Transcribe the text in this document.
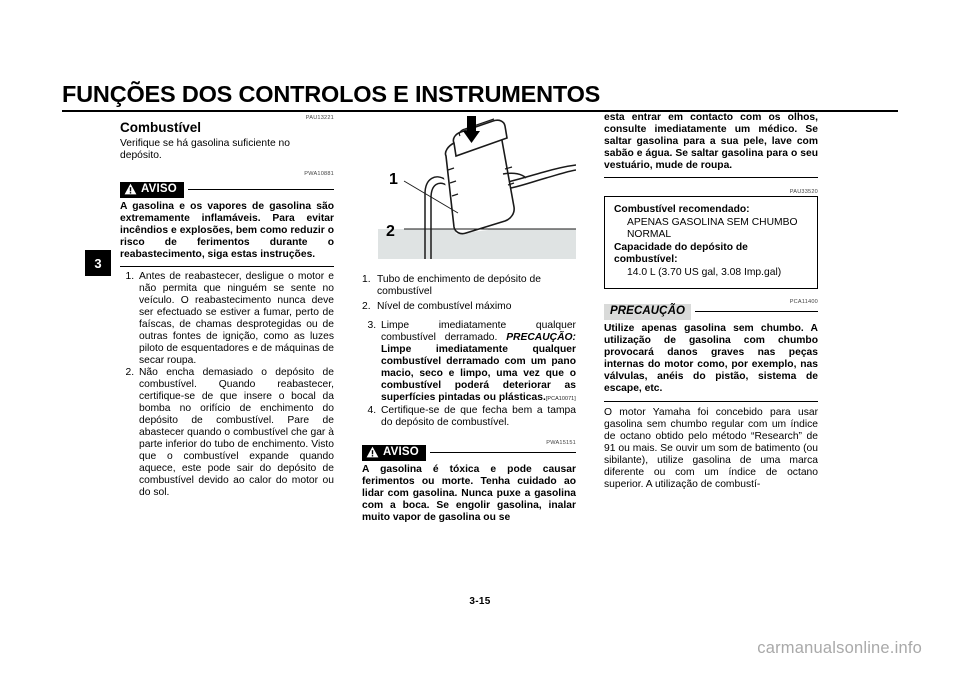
FUNÇÕES DOS CONTROLOS E INSTRUMENTOS
3
PAU13221
Combustível

Verifique se há gasolina suficiente no depósito.

PWA10881
AVISO

A gasolina e os vapores de gasolina são extremamente inflamáveis. Para evitar incêndios e explosões, bem como reduzir o risco de ferimentos durante o reabastecimento, siga estas instruções.

1. Antes de reabastecer, desligue o motor e não permita que ninguém se sente no veículo. O reabastecimento nunca deve ser efectuado se estiver a fumar, perto de faíscas, de chamas desprotegidas ou de outras fontes de ignição, como as luzes piloto de esquentadores e de máquinas de secar roupa.
2. Não encha demasiado o depósito de combustível. Quando reabastecer, certifique-se de que insere o bocal da bomba no orifício de enchimento do depósito de combustível. Pare de abastecer quando o combustível che gar à parte inferior do tubo de enchimento. Visto que o combustível expande quando aquece, este pode sair do depósito de combustível devido ao calor do motor ou do sol.
1
2
1. Tubo de enchimento de depósito de combustível
2. Nível de combustível máximo
3. Limpe imediatamente qualquer combustível derramado. PRECAUÇÃO: Limpe imediatamente qualquer combustível derramado com um pano macio, seco e limpo, uma vez que o combustível poderá deteriorar as superfícies pintadas ou plásticas.[PCA10071]
4. Certifique-se de que fecha bem a tampa do depósito de combustível.
PWA15151
AVISO

A gasolina é tóxica e pode causar ferimentos ou morte. Tenha cuidado ao lidar com gasolina. Nunca puxe a gasolina com a boca. Se engolir gasolina, inalar muito vapor de gasolina ou se

esta entrar em contacto com os olhos, consulte imediatamente um médico. Se saltar gasolina para a sua pele, lave com sabão e água. Se saltar gasolina para o seu vestuário, mude de roupa.

PAU33520
Combustível recomendado:
APENAS GASOLINA SEM CHUMBO NORMAL
Capacidade do depósito de combustível:
14.0 L (3.70 US gal, 3.08 Imp.gal)
PCA11400
PRECAUÇÃO

Utilize apenas gasolina sem chumbo. A utilização de gasolina com chumbo provocará danos graves nas peças internas do motor como, por exemplo, nas válvulas, anéis do pistão, sistema de escape, etc.

O motor Yamaha foi concebido para usar gasolina sem chumbo regular com um índice de octano obtido pelo método “Research” de 91 ou mais. Se ouvir um som de batimento (ou sibilante), utilize gasolina de uma marca diferente ou com um índice de octano superior. A utilização de combustí-

3-15
carmanualsonline.info
